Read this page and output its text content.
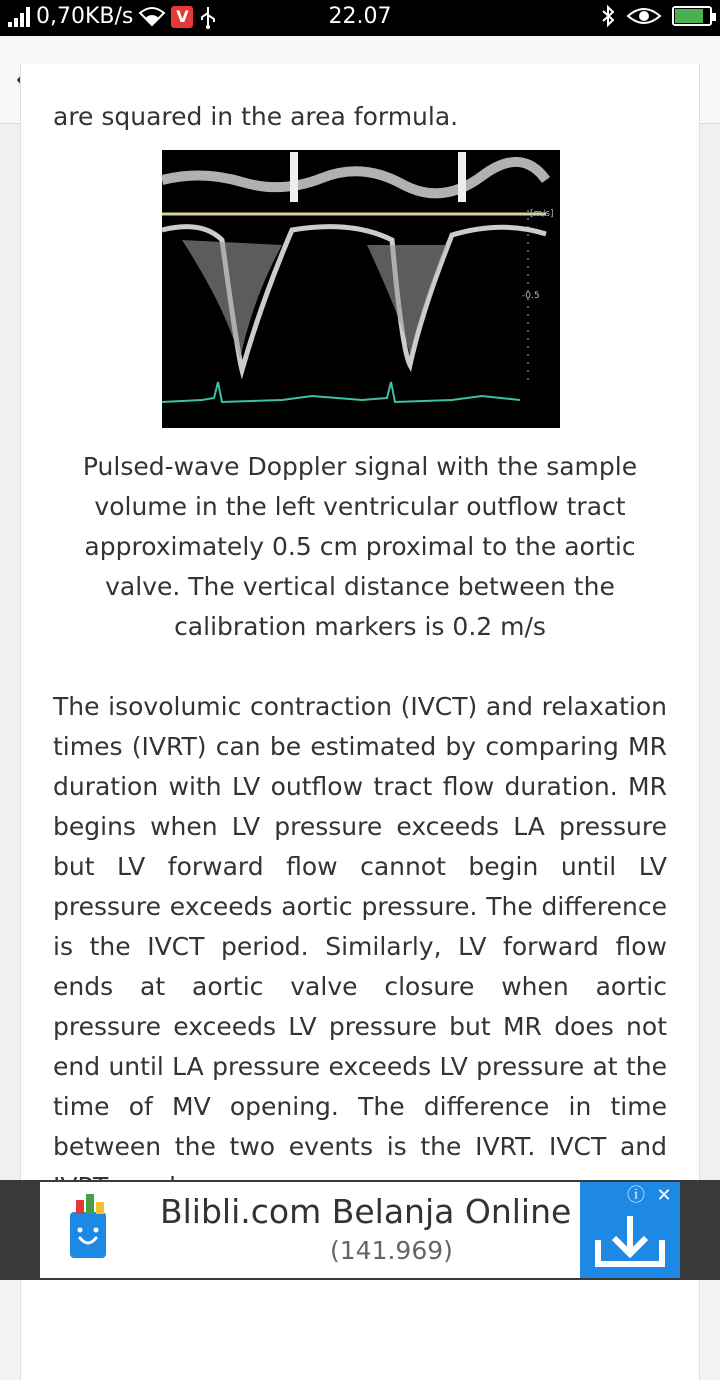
0,70KB/s	V	22.07
are squared in the area formula.
[m/s]
-0.5
Pulsed-wave Doppler signal with the sample volume in the left ventricular outflow tract approximately 0.5 cm proximal to the aortic valve. The vertical distance between the calibration markers is 0.2 m/s
The isovolumic contraction (IVCT) and relaxation times (IVRT) can be estimated by comparing MR duration with LV outflow tract flow duration. MR begins when LV pressure exceeds LA pressure but LV forward flow cannot begin until LV pressure exceeds aortic pressure. The difference is the IVCT period. Similarly, LV forward flow ends at aortic valve closure when aortic pressure exceeds LV pressure but MR does not end until LA pressure exceeds LV pressure at the time of MV opening. The difference in time between the two events is the IVRT. IVCT and
Blibli.com Belanja Online
(141.969)
ⓘ ✕
